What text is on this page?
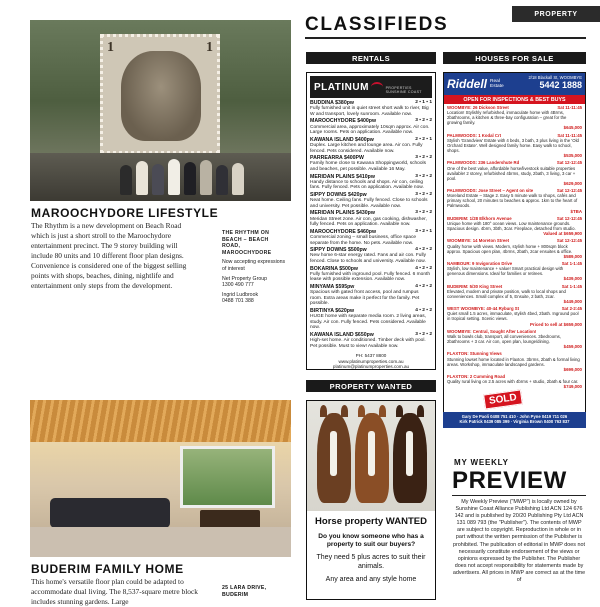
CLASSIFIEDS	PROPERTY
1	1
MAROOCHYDORE LIFESTYLE
The Rhythm is a new development on Beach Road which is just a short stroll to the Maroochydore entertainment precinct. The 9 storey building will include 80 units and 10 different floor plan designs. Convenience is considered one of the biggest selling points with shops, beaches, dining, nightlife and entertainment only steps from the development.
THE RHYTHM ON BEACH – BEACH ROAD, MAROOCHYDORE
Now accepting expressions of interest
Net Property Group
1300 490 777
Ingrid Ludbrook
0488 701 388
BUDERIM FAMILY HOME
This home's versatile floor plan could be adapted to accommodate dual living. The 8,537-square metre block includes stunning gardens. Large
25 LARA DRIVE, BUDERIM
RENTALS
PLATINUM	PROPERTIES SUNSHINE COAST
BUDDINA $380pw	2 ▪ 1 ▪ 1
Fully furnished unit in quiet street short walk to river, Big W and transport, lovely sunroom. Available now.
MAROOCHYDORE $400pw	3 ▪ 2 ▪ 2
Commercial area, approximately 10sqm approx. Air con. Large rooms. Pets on application. Available now.
KAWANA ISLAND $400pw	2 ▪ 2 ▪ 1
Duplex. Large kitchen and lounge area. Air con. Fully fenced. Pets considered. Available now.
PARREARRA $400PW	3 ▪ 2 ▪ 2
Family home close to Kawana Shoppingworld, schools and beaches, pet possible. Available 16 May.
MERIDAN PLAINS $410pw	3 ▪ 2 ▪ 2
Handy distance to schools and shops. Air con, ceiling fans. Fully fenced. Pets on application. Available now.
SIPPY DOWNS $420pw	3 ▪ 2 ▪ 2
Neat home. Ceiling fans. Fully fenced. Close to schools and university. Pet possible. Available now.
MERIDAN PLAINS $430pw	3 ▪ 2 ▪ 2
Meridan Street zone. Air con, gas cooking, dishwasher, fully fenced. Pets on application. Available now.
MAROOCHYDORE $460pw	3 ▪ 2 ▪ 1
Commercial zoning – small business, office space separate from the home. No pets. Available now.
SIPPY DOWNS $500pw	4 ▪ 2 ▪ 2
New home 6-star energy rated. Fans and air con. Fully fenced. Close to schools and university. Available now.
BOKARINA $500pw	4 ▪ 2 ▪ 2
Fully furnished with inground pool. Fully fenced. 6 month lease with possible extension. Available now.
MINYAMA $595pw	4 ▪ 2 ▪ 2
Spacious with gated front access, pool and rumpus room. Extra areas make it perfect for the family. Pet possible.
BIRTINYA $620pw	4 ▪ 2 ▪ 2
HUGE home with separate media room. 2 living areas, study. Air con. Fully fenced. Pets considered. Available now.
KAWANA ISLAND $650pw	3 ▪ 2 ▪ 2
High-set home. Air conditioned. Timber deck with pool. Pet possible. Must to view! Available now.
PH: 5437 8800
www.platinumproperties.com.au
platinum@platinumproperties.com.au
PROPERTY WANTED
Horse property WANTED
Do you know someone who has a property to suit our buyers?
They need 5 plus acres to suit their animals.
Any area and any style home
HOUSES FOR SALE
Riddell Real
Estate
2/18 Blackall St, WOOMBYE
5442 1888
OPEN FOR INSPECTIONS & BEST BUYS
WOOMBYE: 26 Dickson Street	Sat 11-11:45
Location! Stylishly refurbished, immaculate home with 4Brms, 2bathrooms, a kitchen & three-bay configuration – great for the growing family.
$645,000
PALMWOODS: 1 Kodal Crt	Sat 11-11:45
Stylish 'Grandview' Estate with 4 beds, 3 bath, 3 plus living in the 'Old Orchard Estate'. Well designed family home. Easy walk to school, shops.
$535,000
PALMWOODS: 236 Landershute Rd	Sat 12-12:45
One of the best value, affordable horse/livestock suitable properties available! 2 storey, refurbished 4brms, study, 2bath, 3 living, 3 car + pool.
$629,000
PALMWOODS: Jose Street – Agent on site	Sat 12-12:45
Moreland Estate – Stage 2. Easy 5 minute walk to shops, cafés and primary school, 20 minutes to beaches & approx. 1km to the heart of Palmwoods.
$TBA
BUDERIM: 1/28 Elkhorn Avenue	Sat 12-12:45
Unique home with 180° ocean views. Low maintenance grounds. Spacious design. 4brm, 3bth, 3car. Fireplace, detached from studio.
Valued at $659,900
WOOMBYE: 14 Moreton Street	Sat 12-12:45
Quality home with views. Modern, stylish home + 800sqm block approx. Spacious open plan, 4brms, 2bath, 2car ensuites & office.
$589,000
NAMBOUR: 9 Invigoration Drive	Sat 1-1:45
Stylish, low maintenance + value! Smart practical design with generous dimensions. Ideal for families or retirees.
$439,000
BUDERIM: 5/30 King Street	Sat 1-1:45
Elevated, modern and private position, walk to local shops and conveniences. Small complex of 5, Ensuite, 2 bath, 2car.
$449,000
WEST WOOMBYE: 40-44 Ryburg St	Sat 2-2:45
Quiet small 1.5 acres, immaculate, stylish 4bed, 2bath. Inground pool in tropical setting. Scenic views.
Priced to sell at $659,000
WOOMBYE: Central, Sought After Location!
Walk to bowls club, transport, all conveniences. 3bedrooms, 2bathrooms + 3 car. Air con, open plan, lounge/dining.
$459,000
FLAXTON: Stunning Views
Stunning lowset home located in Flaxton. 3brms, 2bath & formal living areas. Workshop, immaculate landscaped gardens.
$699,000
FLAXTON: 2 Cumming Road
Quality rural living on 2.5 acres with 4brms + studio, 2bath & four car.
$749,000
Gary De Paoli 0408 751 410 · John Pyne 0419 711 026
Kirk Patrick 0439 085 399 · Virginia Brown 0400 763 837
SOLD
MY WEEKLY
PREVIEW
My Weekly Preview ("MWP") is locally owned by Sunshine Coast Alliance Publishing Ltd ACN 124 676 142 and is published by 20/20 Publishing Pty Ltd ACN 131 089 793 (the "Publisher"). The contents of MWP are subject to copyright. Reproduction in whole or in part without the written permission of the Publisher is prohibited. The publication of editorial in MWP does not necessarily constitute endorsement of the views or opinions expressed by the Publisher. The Publisher does not accept responsibility for statements made by advertisers. All prices in MWP are correct as at the time of
